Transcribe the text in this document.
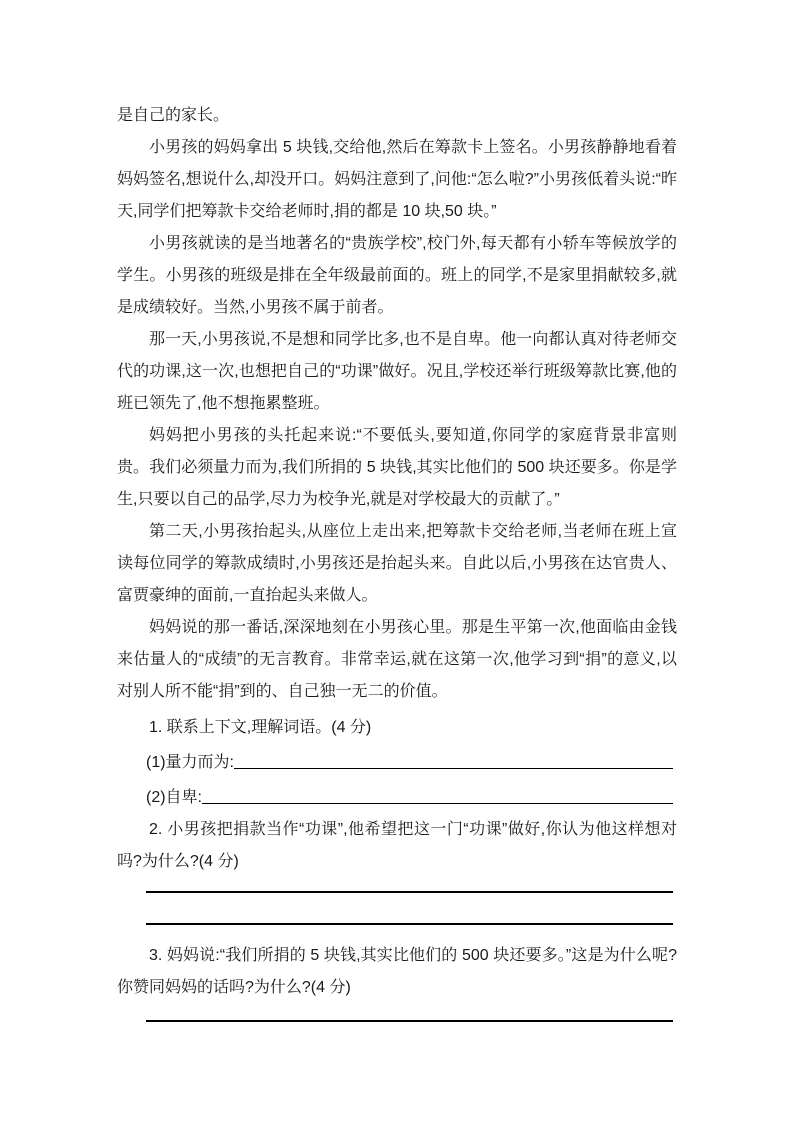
是自己的家长。

小男孩的妈妈拿出 5 块钱,交给他,然后在筹款卡上签名。小男孩静静地看着妈妈签名,想说什么,却没开口。妈妈注意到了,问他:“怎么啦?”小男孩低着头说:“昨天,同学们把筹款卡交给老师时,捐的都是 10 块,50 块。”

小男孩就读的是当地著名的“贵族学校”,校门外,每天都有小轿车等候放学的学生。小男孩的班级是排在全年级最前面的。班上的同学,不是家里捐献较多,就是成绩较好。当然,小男孩不属于前者。

那一天,小男孩说,不是想和同学比多,也不是自卑。他一向都认真对待老师交代的功课,这一次,也想把自己的“功课”做好。况且,学校还举行班级筹款比赛,他的班已领先了,他不想拖累整班。

妈妈把小男孩的头托起来说:“不要低头,要知道,你同学的家庭背景非富则贵。我们必须量力而为,我们所捐的 5 块钱,其实比他们的 500 块还要多。你是学生,只要以自己的品学,尽力为校争光,就是对学校最大的贡献了。”

第二天,小男孩抬起头,从座位上走出来,把筹款卡交给老师,当老师在班上宣读每位同学的筹款成绩时,小男孩还是抬起头来。自此以后,小男孩在达官贵人、富贾豪绅的面前,一直抬起头来做人。

妈妈说的那一番话,深深地刻在小男孩心里。那是生平第一次,他面临由金钱来估量人的“成绩”的无言教育。非常幸运,就在这第一次,他学习到“捐”的意义,以对别人所不能“捐”到的、自己独一无二的价值。

1. 联系上下文,理解词语。(4 分)

(1)量力而为:
(2)自卑:

2. 小男孩把捐款当作“功课”,他希望把这一门“功课”做好,你认为他这样想对吗?为什么?(4 分)

3. 妈妈说:“我们所捐的 5 块钱,其实比他们的 500 块还要多。”这是为什么呢?你赞同妈妈的话吗?为什么?(4 分)
